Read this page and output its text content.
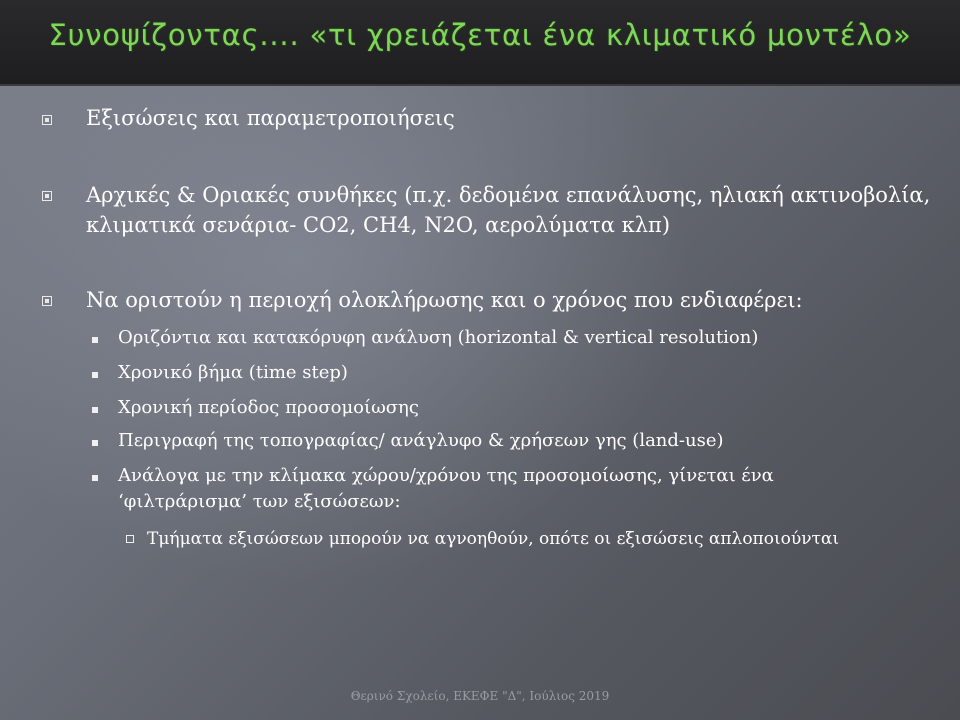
Συνοψίζοντας.... «τι χρειάζεται ένα κλιματικό μοντέλο»
Εξισώσεις και παραμετροποιήσεις
Αρχικές & Οριακές συνθήκες (π.χ. δεδομένα επανάλυσης, ηλιακή ακτινοβολία,
κλιματικά σενάρια- CO2, CH4, N2O, αερολύματα κλπ)
Να οριστούν η περιοχή ολοκλήρωσης και ο χρόνος που ενδιαφέρει:
Οριζόντια και κατακόρυφη ανάλυση (horizontal & vertical resolution)
Χρονικό βήμα (time step)
Χρονική περίοδος προσομοίωσης
Περιγραφή της τοπογραφίας/ ανάγλυφο & χρήσεων γης (land-use)
Ανάλογα με την κλίμακα χώρου/χρόνου της προσομοίωσης, γίνεται ένα
‘φιλτράρισμα’ των εξισώσεων:
Τμήματα εξισώσεων μπορούν να αγνοηθούν, οπότε οι εξισώσεις απλοποιούνται
Θερινό Σχολείο, ΕΚΕΦΕ "Δ", Ιούλιος 2019
